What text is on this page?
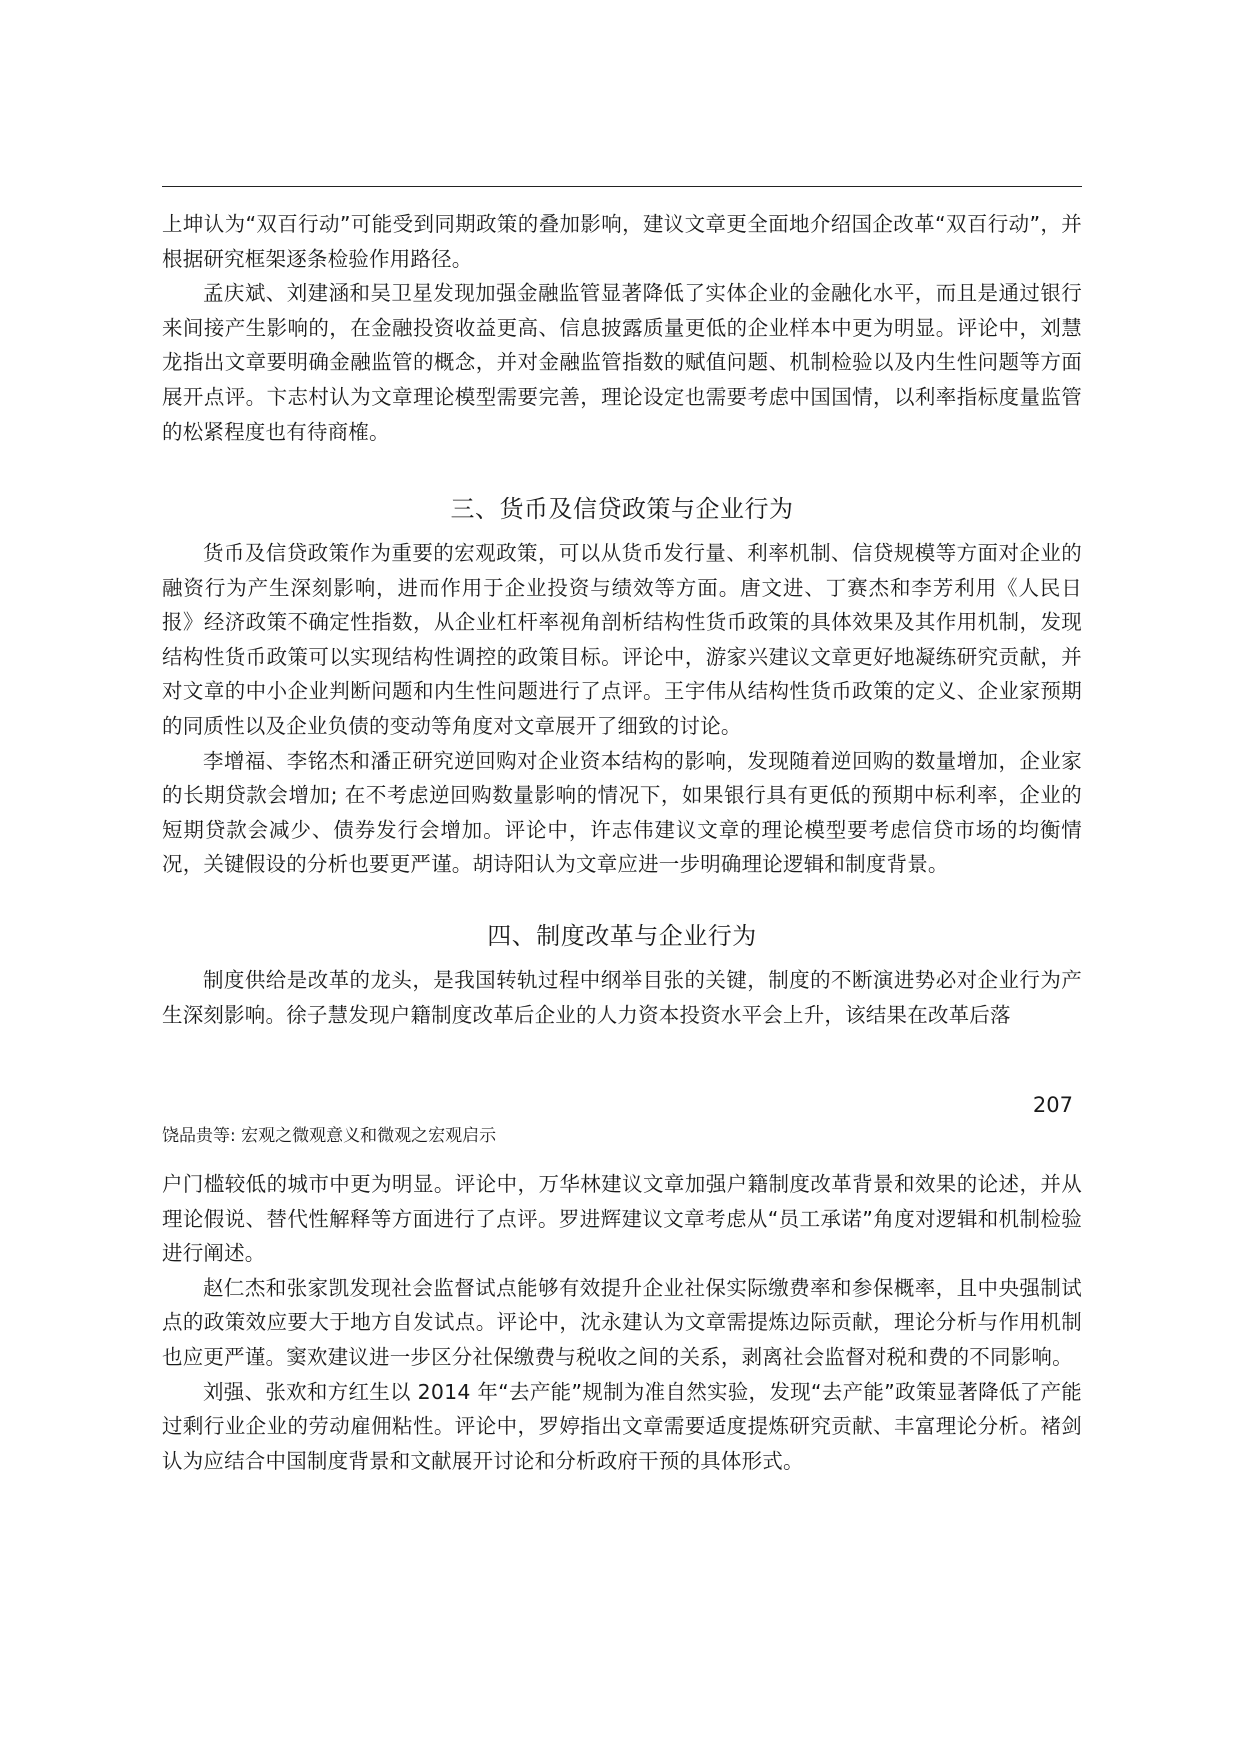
上坤认为“双百行动”可能受到同期政策的叠加影响，建议文章更全面地介绍国企改革“双百行动”，并根据研究框架逐条检验作用路径。

孟庆斌、刘建涵和吴卫星发现加强金融监管显著降低了实体企业的金融化水平，而且是通过银行来间接产生影响的，在金融投资收益更高、信息披露质量更低的企业样本中更为明显。评论中，刘慧龙指出文章要明确金融监管的概念，并对金融监管指数的赋值问题、机制检验以及内生性问题等方面展开点评。卞志村认为文章理论模型需要完善，理论设定也需要考虑中国国情，以利率指标度量监管的松紧程度也有待商榷。

三、货币及信贷政策与企业行为

货币及信贷政策作为重要的宏观政策，可以从货币发行量、利率机制、信贷规模等方面对企业的融资行为产生深刻影响，进而作用于企业投资与绩效等方面。唐文进、丁赛杰和李芳利用《人民日报》经济政策不确定性指数，从企业杠杆率视角剖析结构性货币政策的具体效果及其作用机制，发现结构性货币政策可以实现结构性调控的政策目标。评论中，游家兴建议文章更好地凝练研究贡献，并对文章的中小企业判断问题和内生性问题进行了点评。王宇伟从结构性货币政策的定义、企业家预期的同质性以及企业负债的变动等角度对文章展开了细致的讨论。

李增福、李铭杰和潘正研究逆回购对企业资本结构的影响，发现随着逆回购的数量增加，企业家的长期贷款会增加; 在不考虑逆回购数量影响的情况下，如果银行具有更低的预期中标利率，企业的短期贷款会减少、债券发行会增加。评论中，许志伟建议文章的理论模型要考虑信贷市场的均衡情况，关键假设的分析也要更严谨。胡诗阳认为文章应进一步明确理论逻辑和制度背景。

四、制度改革与企业行为

制度供给是改革的龙头，是我国转轨过程中纲举目张的关键，制度的不断演进势必对企业行为产生深刻影响。徐子慧发现户籍制度改革后企业的人力资本投资水平会上升，该结果在改革后落

207
饶品贵等: 宏观之微观意义和微观之宏观启示

户门槛较低的城市中更为明显。评论中，万华林建议文章加强户籍制度改革背景和效果的论述，并从理论假说、替代性解释等方面进行了点评。罗进辉建议文章考虑从“员工承诺”角度对逻辑和机制检验进行阐述。

赵仁杰和张家凯发现社会监督试点能够有效提升企业社保实际缴费率和参保概率，且中央强制试点的政策效应要大于地方自发试点。评论中，沈永建认为文章需提炼边际贡献，理论分析与作用机制也应更严谨。窦欢建议进一步区分社保缴费与税收之间的关系，剥离社会监督对税和费的不同影响。

刘强、张欢和方红生以 2014 年“去产能”规制为准自然实验，发现“去产能”政策显著降低了产能过剩行业企业的劳动雇佣粘性。评论中，罗婷指出文章需要适度提炼研究贡献、丰富理论分析。褚剑认为应结合中国制度背景和文献展开讨论和分析政府干预的具体形式。
